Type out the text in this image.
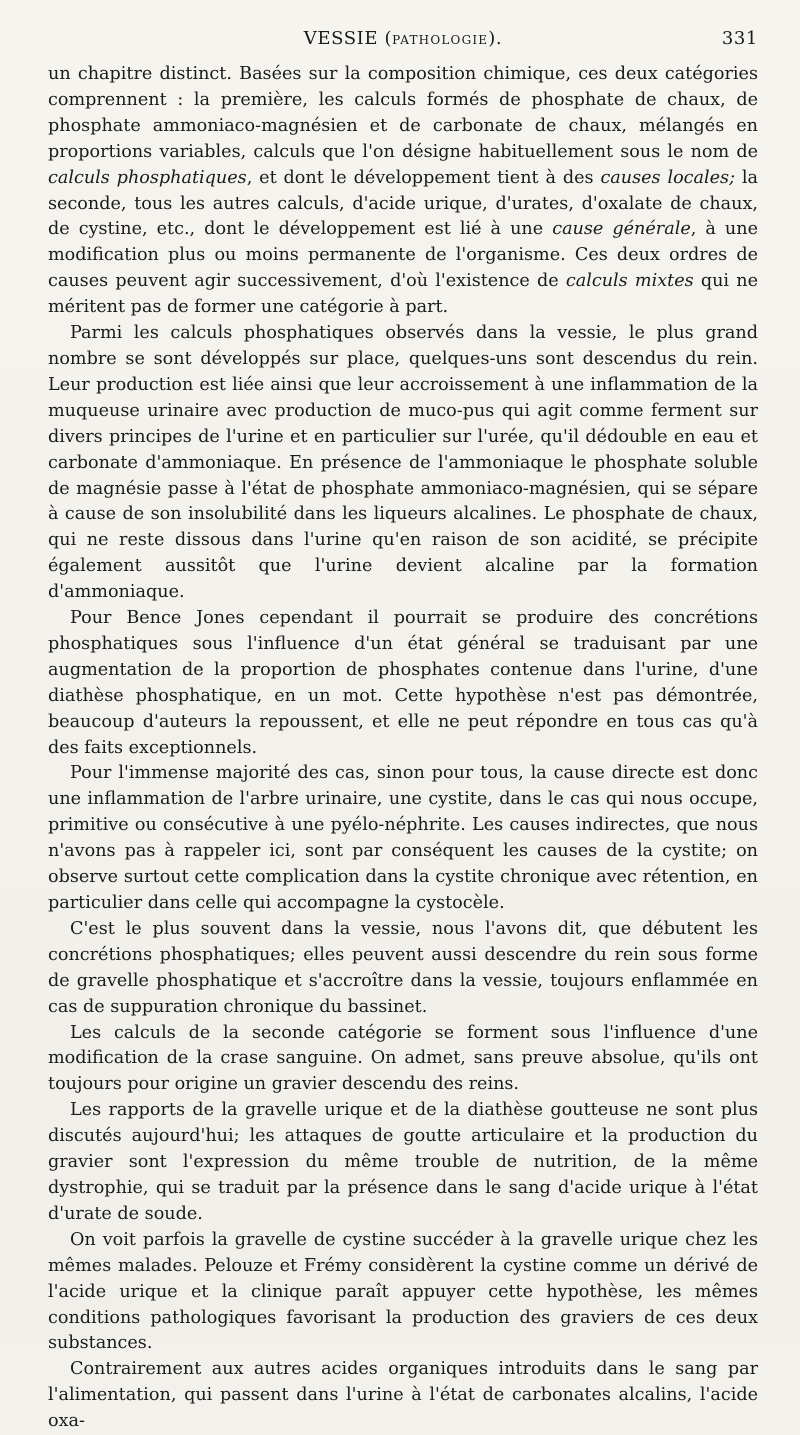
VESSIE (PATHOLOGIE).	331

un chapitre distinct. Basées sur la composition chimique, ces deux catégories comprennent : la première, les calculs formés de phosphate de chaux, de phosphate ammoniaco-magnésien et de carbonate de chaux, mélangés en proportions variables, calculs que l'on désigne habituellement sous le nom de calculs phosphatiques, et dont le développement tient à des causes locales; la seconde, tous les autres calculs, d'acide urique, d'urates, d'oxalate de chaux, de cystine, etc., dont le développement est lié à une cause générale, à une modification plus ou moins permanente de l'organisme. Ces deux ordres de causes peuvent agir successivement, d'où l'existence de calculs mixtes qui ne méritent pas de former une catégorie à part.

Parmi les calculs phosphatiques observés dans la vessie, le plus grand nombre se sont développés sur place, quelques-uns sont descendus du rein. Leur production est liée ainsi que leur accroissement à une inflammation de la muqueuse urinaire avec production de muco-pus qui agit comme ferment sur divers principes de l'urine et en particulier sur l'urée, qu'il dédouble en eau et carbonate d'ammoniaque. En présence de l'ammoniaque le phosphate soluble de magnésie passe à l'état de phosphate ammoniaco-magnésien, qui se sépare à cause de son insolubilité dans les liqueurs alcalines. Le phosphate de chaux, qui ne reste dissous dans l'urine qu'en raison de son acidité, se précipite également aussitôt que l'urine devient alcaline par la formation d'ammoniaque.

Pour Bence Jones cependant il pourrait se produire des concrétions phosphatiques sous l'influence d'un état général se traduisant par une augmentation de la proportion de phosphates contenue dans l'urine, d'une diathèse phosphatique, en un mot. Cette hypothèse n'est pas démontrée, beaucoup d'auteurs la repoussent, et elle ne peut répondre en tous cas qu'à des faits exceptionnels.

Pour l'immense majorité des cas, sinon pour tous, la cause directe est donc une inflammation de l'arbre urinaire, une cystite, dans le cas qui nous occupe, primitive ou consécutive à une pyélo-néphrite. Les causes indirectes, que nous n'avons pas à rappeler ici, sont par conséquent les causes de la cystite; on observe surtout cette complication dans la cystite chronique avec rétention, en particulier dans celle qui accompagne la cystocèle.

C'est le plus souvent dans la vessie, nous l'avons dit, que débutent les concrétions phosphatiques; elles peuvent aussi descendre du rein sous forme de gravelle phosphatique et s'accroître dans la vessie, toujours enflammée en cas de suppuration chronique du bassinet.

Les calculs de la seconde catégorie se forment sous l'influence d'une modification de la crase sanguine. On admet, sans preuve absolue, qu'ils ont toujours pour origine un gravier descendu des reins.

Les rapports de la gravelle urique et de la diathèse goutteuse ne sont plus discutés aujourd'hui; les attaques de goutte articulaire et la production du gravier sont l'expression du même trouble de nutrition, de la même dystrophie, qui se traduit par la présence dans le sang d'acide urique à l'état d'urate de soude.

On voit parfois la gravelle de cystine succéder à la gravelle urique chez les mêmes malades. Pelouze et Frémy considèrent la cystine comme un dérivé de l'acide urique et la clinique paraît appuyer cette hypothèse, les mêmes conditions pathologiques favorisant la production des graviers de ces deux substances.

Contrairement aux autres acides organiques introduits dans le sang par l'alimentation, qui passent dans l'urine à l'état de carbonates alcalins, l'acide oxa-
